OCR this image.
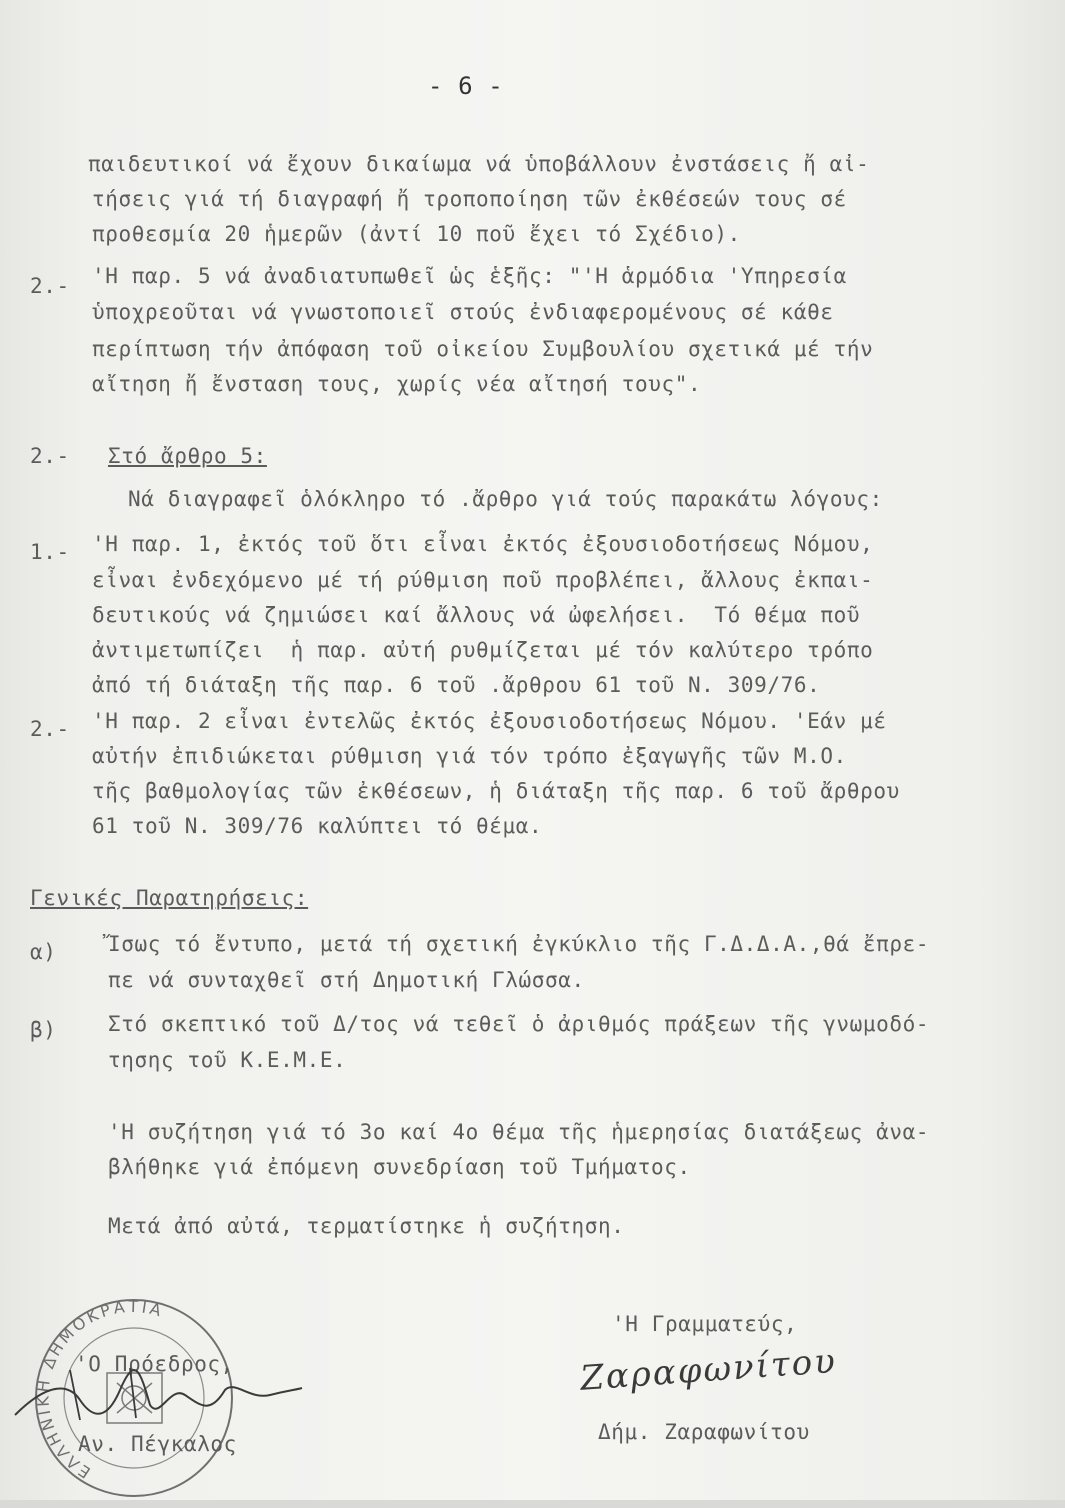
- 6 -
παιδευτικοί νά ἔχουν δικαίωμα νά ὑποβάλλουν ἐνστάσεις ἤ αἰ-
τήσεις γιά τή διαγραφή ἤ τροποποίηση τῶν ἐκθέσεών τους σέ
προθεσμία 20 ἡμερῶν (ἀντί 10 ποῦ ἔχει τό Σχέδιο).
2.- 'Η παρ. 5 νά ἀναδιατυπωθεῖ ὡς ἑξῆς: "'Η ἁρμόδια 'Υπηρεσία
ὑποχρεοῦται νά γνωστοποιεῖ στούς ἐνδιαφερομένους σέ κάθε
περίπτωση τήν ἀπόφαση τοῦ οἰκείου Συμβουλίου σχετικά μέ τήν
αἴτηση ἤ ἔνσταση τους, χωρίς νέα αἴτησή τους".
2.- Στό ἄρθρο 5:
Νά διαγραφεῖ ὁλόκληρο τό .ἄρθρο γιά τούς παρακάτω λόγους:
1.- 'Η παρ. 1, ἐκτός τοῦ ὅτι εἶναι ἐκτός ἐξουσιοδοτήσεως Νόμου,
εἶναι ἐνδεχόμενο μέ τή ρύθμιση ποῦ προβλέπει, ἄλλους ἐκπαι-
δευτικούς νά ζημιώσει καί ἄλλους νά ὠφελήσει.  Τό θέμα ποῦ
ἀντιμετωπίζει  ἡ παρ. αὐτή ρυθμίζεται μέ τόν καλύτερο τρόπο
ἀπό τή διάταξη τῆς παρ. 6 τοῦ .ἄρθρου 61 τοῦ Ν. 309/76.
2.- 'Η παρ. 2 εἶναι ἐντελῶς ἐκτός ἐξουσιοδοτήσεως Νόμου. 'Εάν μέ
αὐτήν ἐπιδιώκεται ρύθμιση γιά τόν τρόπο ἐξαγωγῆς τῶν Μ.Ο.
τῆς βαθμολογίας τῶν ἐκθέσεων, ἡ διάταξη τῆς παρ. 6 τοῦ ἄρθρου
61 τοῦ Ν. 309/76 καλύπτει τό θέμα.
Γενικές Παρατηρήσεις:
α) Ἴσως τό ἔντυπο, μετά τή σχετική ἐγκύκλιο τῆς Γ.Δ.Δ.Α.,θά ἔπρε-
πε νά συνταχθεῖ στή Δημοτική Γλώσσα.
β) Στό σκεπτικό τοῦ Δ/τος νά τεθεῖ ὁ ἀριθμός πράξεων τῆς γνωμοδό-
τησης τοῦ Κ.Ε.Μ.Ε.
'Η συζήτηση γιά τό 3ο καί 4ο θέμα τῆς ἡμερησίας διατάξεως ἀνα-
βλήθηκε γιά ἐπόμενη συνεδρίαση τοῦ Τμήματος.
Μετά ἀπό αὐτά, τερματίστηκε ἡ συζήτηση.
ΕΛΛΗΝΙΚΗ ΔΗΜΟΚΡΑΤΙΑ
'Ο Πρόεδρος,
Αν. Πέγκαλος
'Η Γραμματεύς,
Ζαραφωνίτου
Δήμ. Ζαραφωνίτου
